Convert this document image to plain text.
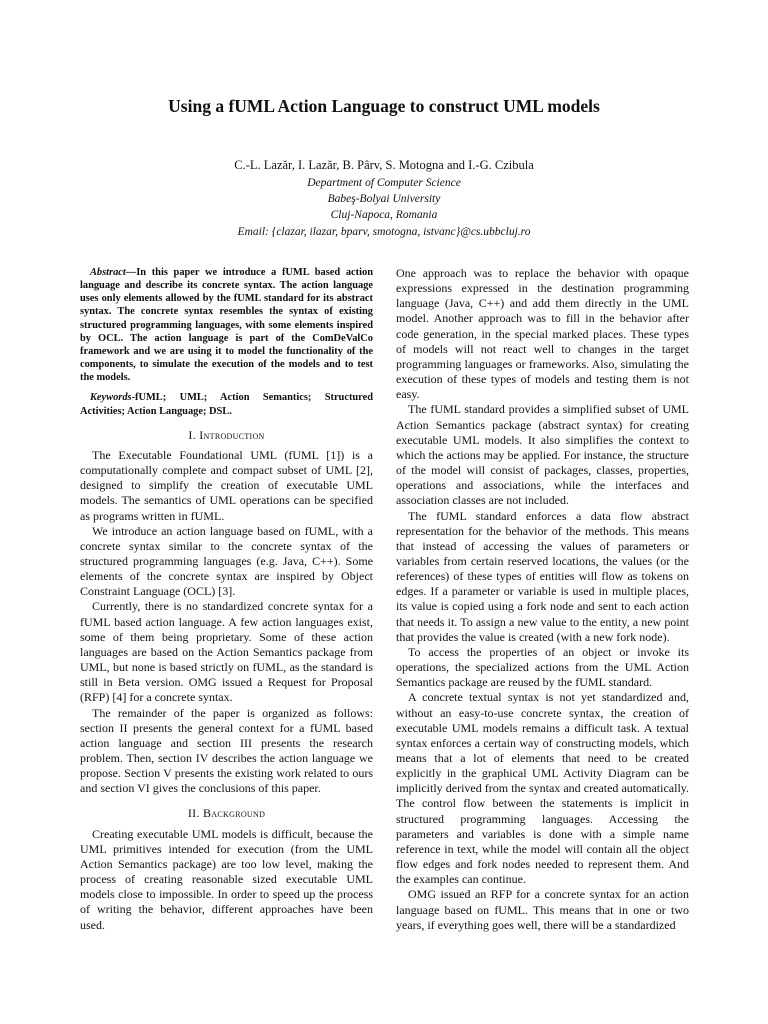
Using a fUML Action Language to construct UML models

C.-L. Lazăr, I. Lazăr, B. Pârv, S. Motogna and I.-G. Czibula

Department of Computer Science
Babeş-Bolyai University
Cluj-Napoca, Romania
Email: {clazar, ilazar, bparv, smotogna, istvanc}@cs.ubbcluj.ro

Abstract—In this paper we introduce a fUML based action language and describe its concrete syntax. The action language uses only elements allowed by the fUML standard for its abstract syntax. The concrete syntax resembles the syntax of existing structured programming languages, with some elements inspired by OCL. The action language is part of the ComDeValCo framework and we are using it to model the functionality of the components, to simulate the execution of the models and to test the models.

Keywords-fUML; UML; Action Semantics; Structured Activities; Action Language; DSL.

I. Introduction

The Executable Foundational UML (fUML [1]) is a computationally complete and compact subset of UML [2], designed to simplify the creation of executable UML models. The semantics of UML operations can be specified as programs written in fUML.

We introduce an action language based on fUML, with a concrete syntax similar to the concrete syntax of the structured programming languages (e.g. Java, C++). Some elements of the concrete syntax are inspired by Object Constraint Language (OCL) [3].

Currently, there is no standardized concrete syntax for a fUML based action language. A few action languages exist, some of them being proprietary. Some of these action languages are based on the Action Semantics package from UML, but none is based strictly on fUML, as the standard is still in Beta version. OMG issued a Request for Proposal (RFP) [4] for a concrete syntax.

The remainder of the paper is organized as follows: section II presents the general context for a fUML based action language and section III presents the research problem. Then, section IV describes the action language we propose. Section V presents the existing work related to ours and section VI gives the conclusions of this paper.

II. Background

Creating executable UML models is difficult, because the UML primitives intended for execution (from the UML Action Semantics package) are too low level, making the process of creating reasonable sized executable UML models close to impossible. In order to speed up the process of writing the behavior, different approaches have been used.

One approach was to replace the behavior with opaque expressions expressed in the destination programming language (Java, C++) and add them directly in the UML model. Another approach was to fill in the behavior after code generation, in the special marked places. These types of models will not react well to changes in the target programming languages or frameworks. Also, simulating the execution of these types of models and testing them is not easy.

The fUML standard provides a simplified subset of UML Action Semantics package (abstract syntax) for creating executable UML models. It also simplifies the context to which the actions may be applied. For instance, the structure of the model will consist of packages, classes, properties, operations and associations, while the interfaces and association classes are not included.

The fUML standard enforces a data flow abstract representation for the behavior of the methods. This means that instead of accessing the values of parameters or variables from certain reserved locations, the values (or the references) of these types of entities will flow as tokens on edges. If a parameter or variable is used in multiple places, its value is copied using a fork node and sent to each action that needs it. To assign a new value to the entity, a new point that provides the value is created (with a new fork node).

To access the properties of an object or invoke its operations, the specialized actions from the UML Action Semantics package are reused by the fUML standard.

A concrete textual syntax is not yet standardized and, without an easy-to-use concrete syntax, the creation of executable UML models remains a difficult task. A textual syntax enforces a certain way of constructing models, which means that a lot of elements that need to be created explicitly in the graphical UML Activity Diagram can be implicitly derived from the syntax and created automatically. The control flow between the statements is implicit in structured programming languages. Accessing the parameters and variables is done with a simple name reference in text, while the model will contain all the object flow edges and fork nodes needed to represent them. And the examples can continue.

OMG issued an RFP for a concrete syntax for an action language based on fUML. This means that in one or two years, if everything goes well, there will be a standardized
